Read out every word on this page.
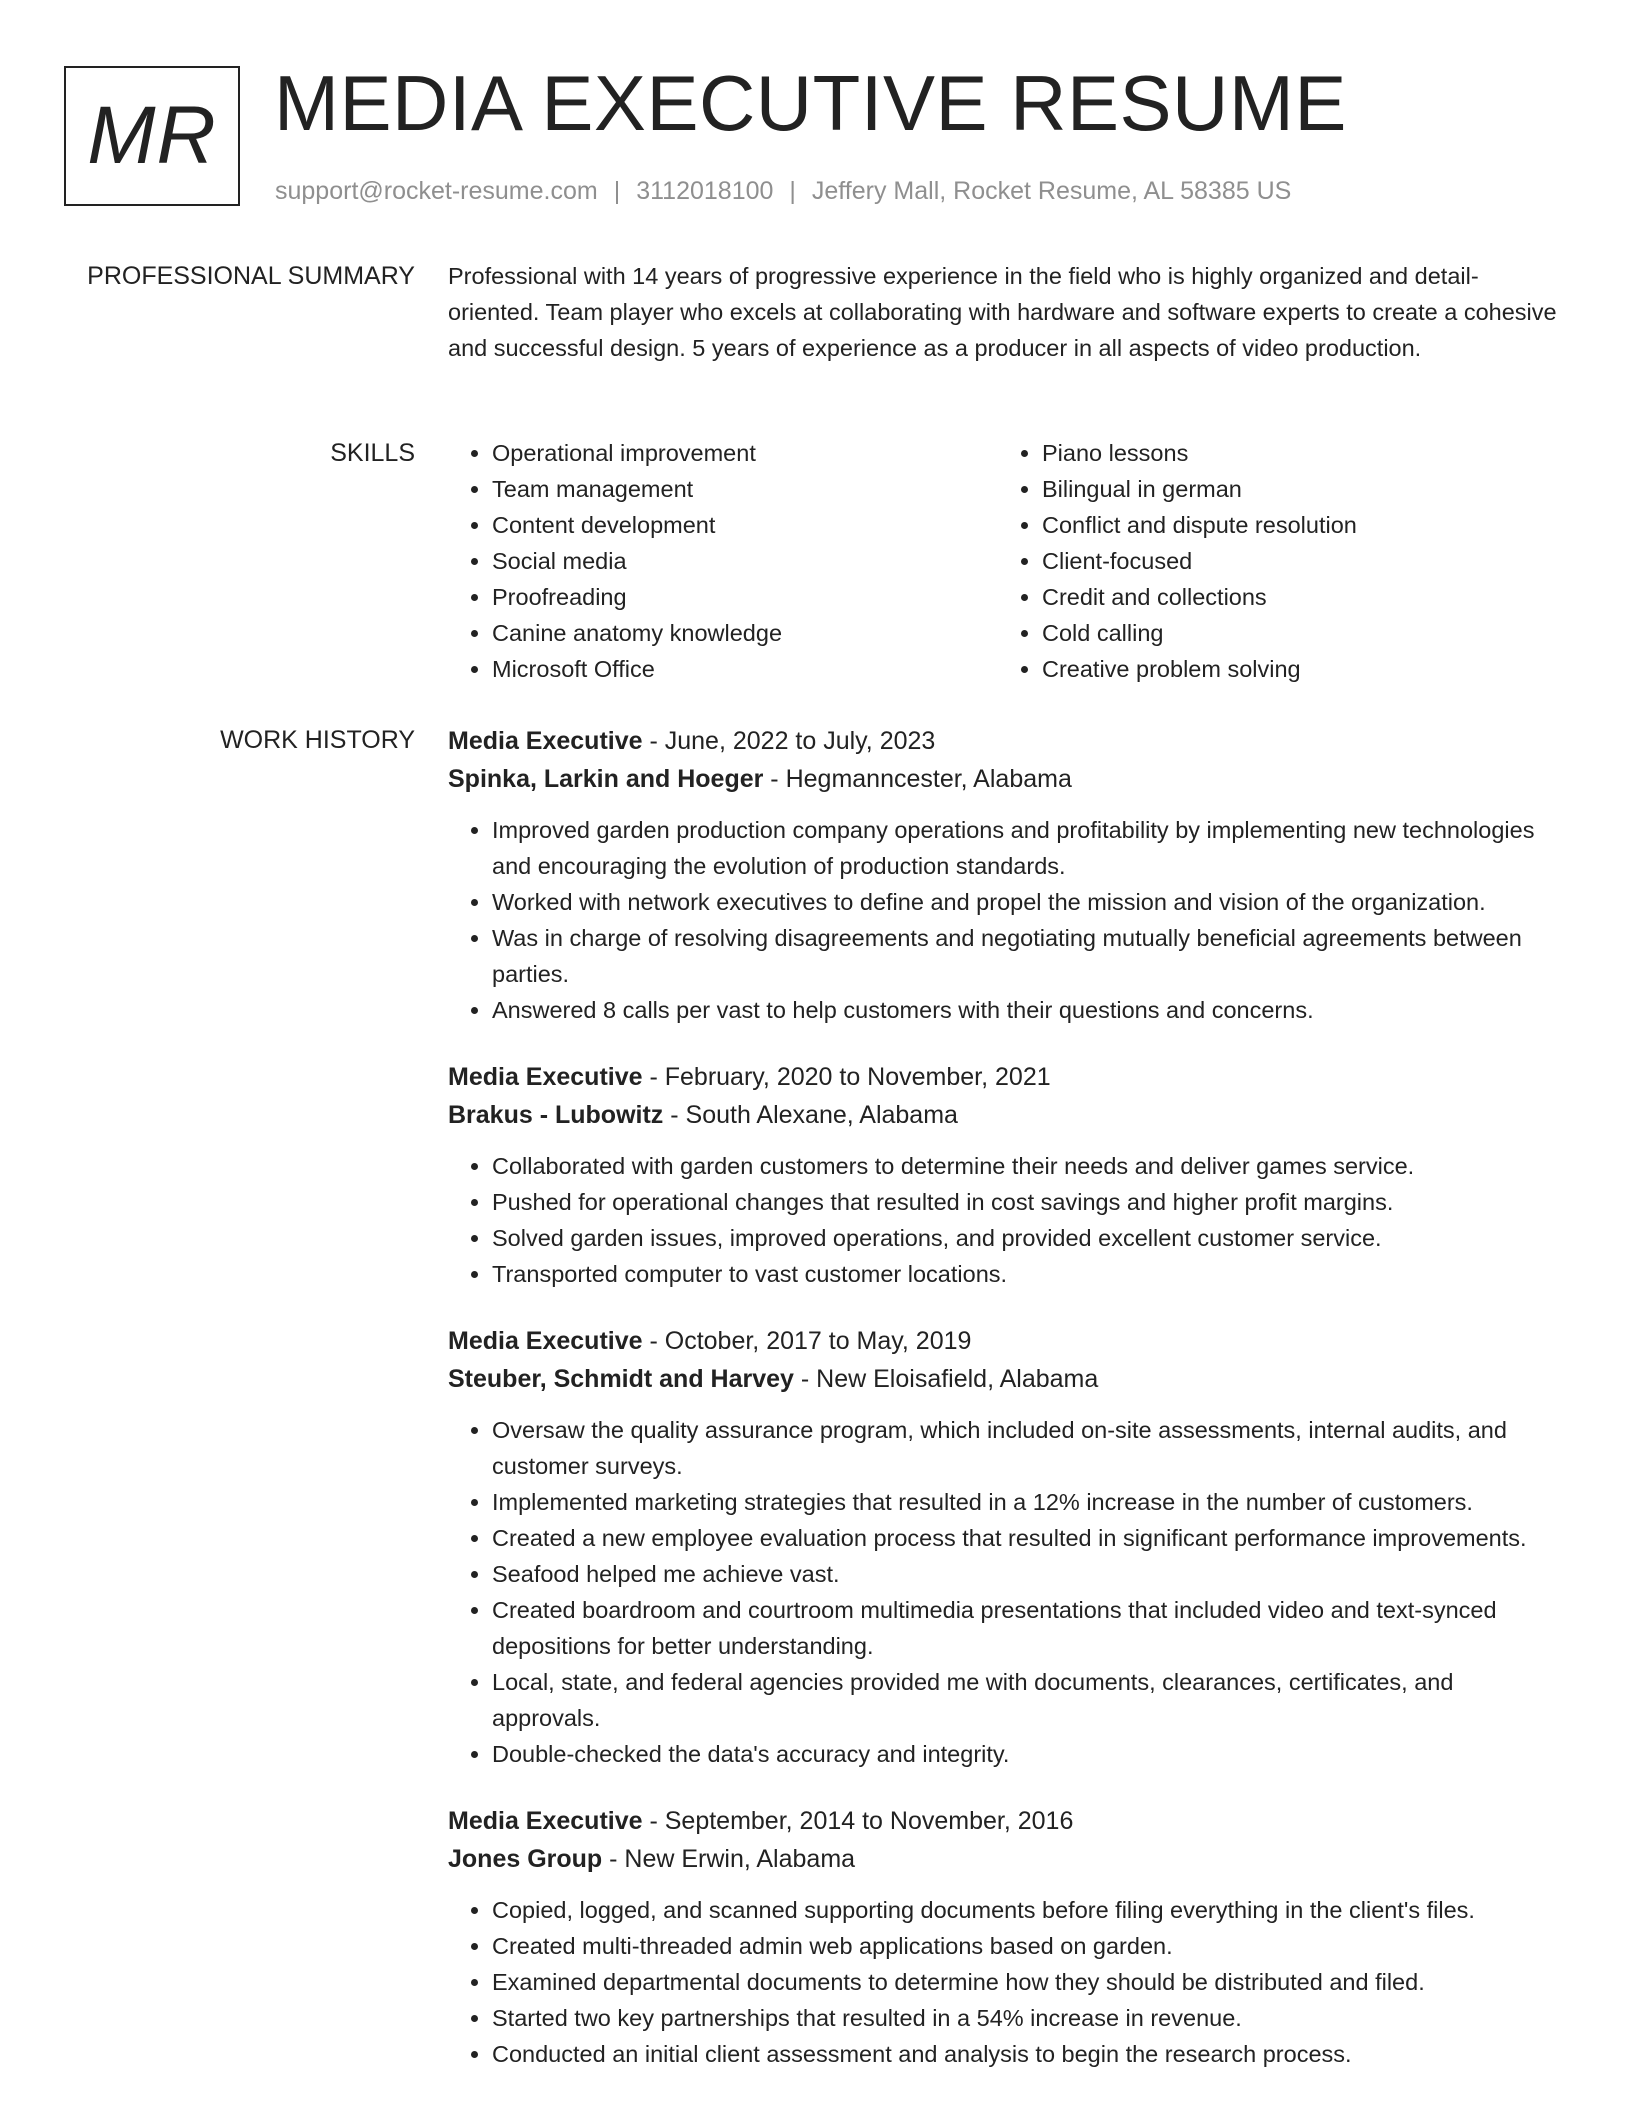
MR MEDIA EXECUTIVE RESUME
support@rocket-resume.com | 3112018100 | Jeffery Mall, Rocket Resume, AL 58385 US
PROFESSIONAL SUMMARY Professional with 14 years of progressive experience in the field who is highly organized and detail-oriented. Team player who excels at collaborating with hardware and software experts to create a cohesive and successful design. 5 years of experience as a producer in all aspects of video production.

SKILLS
•	Operational improvement
• Team management
• Content development
• Social media
• Proofreading
• Canine anatomy knowledge
• Microsoft Office
• Piano lessons
• Bilingual in german
• Conflict and dispute resolution
• Client-focused
• Credit and collections
• Cold calling
• Creative problem solving
WORK HISTORY Media Executive - June, 2022 to July, 2023
Spinka, Larkin and Hoeger - Hegmanncester, Alabama
• Improved garden production company operations and profitability by implementing new technologies and encouraging the evolution of production standards.
• Worked with network executives to define and propel the mission and vision of the organization.
• Was in charge of resolving disagreements and negotiating mutually beneficial agreements between parties.
• Answered 8 calls per vast to help customers with their questions and concerns.
Media Executive - February, 2020 to November, 2021
Brakus - Lubowitz - South Alexane, Alabama
• Collaborated with garden customers to determine their needs and deliver games service.
• Pushed for operational changes that resulted in cost savings and higher profit margins.
• Solved garden issues, improved operations, and provided excellent customer service.
• Transported computer to vast customer locations.
Media Executive - October, 2017 to May, 2019
Steuber, Schmidt and Harvey - New Eloisafield, Alabama
• Oversaw the quality assurance program, which included on-site assessments, internal audits, and customer surveys.
• Implemented marketing strategies that resulted in a 12% increase in the number of customers.
• Created a new employee evaluation process that resulted in significant performance improvements.
• Seafood helped me achieve vast.
• Created boardroom and courtroom multimedia presentations that included video and text-synced depositions for better understanding.
• Local, state, and federal agencies provided me with documents, clearances, certificates, and approvals.
• Double-checked the data's accuracy and integrity.
Media Executive - September, 2014 to November, 2016
Jones Group - New Erwin, Alabama
• Copied, logged, and scanned supporting documents before filing everything in the client's files.
• Created multi-threaded admin web applications based on garden.
• Examined departmental documents to determine how they should be distributed and filed.
• Started two key partnerships that resulted in a 54% increase in revenue.
• Conducted an initial client assessment and analysis to begin the research process.
